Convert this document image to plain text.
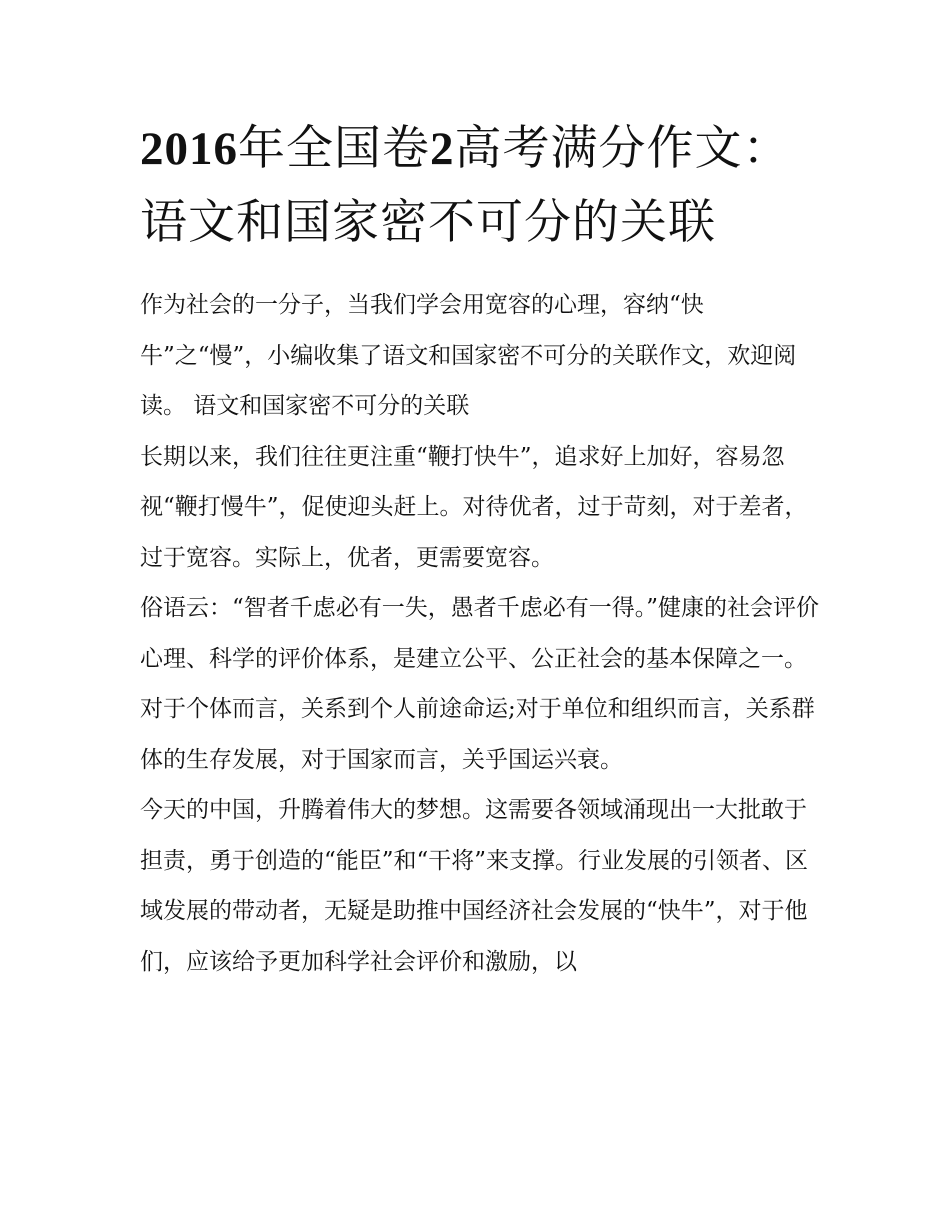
2016年全国卷2高考满分作文：语文和国家密不可分的关联

作为社会的一分子，当我们学会用宽容的心理，容纳“快牛”之“慢”，小编收集了语文和国家密不可分的关联作文，欢迎阅读。 语文和国家密不可分的关联

长期以来，我们往往更注重“鞭打快牛”，追求好上加好，容易忽视“鞭打慢牛”，促使迎头赶上。对待优者，过于苛刻，对于差者，过于宽容。实际上，优者，更需要宽容。

俗语云：“智者千虑必有一失，愚者千虑必有一得。”健康的社会评价心理、科学的评价体系，是建立公平、公正社会的基本保障之一。对于个体而言，关系到个人前途命运;对于单位和组织而言，关系群体的生存发展，对于国家而言，关乎国运兴衰。

今天的中国，升腾着伟大的梦想。这需要各领域涌现出一大批敢于担责，勇于创造的“能臣”和“干将”来支撑。行业发展的引领者、区域发展的带动者，无疑是助推中国经济社会发展的“快牛”，对于他们，应该给予更加科学社会评价和激励，以
